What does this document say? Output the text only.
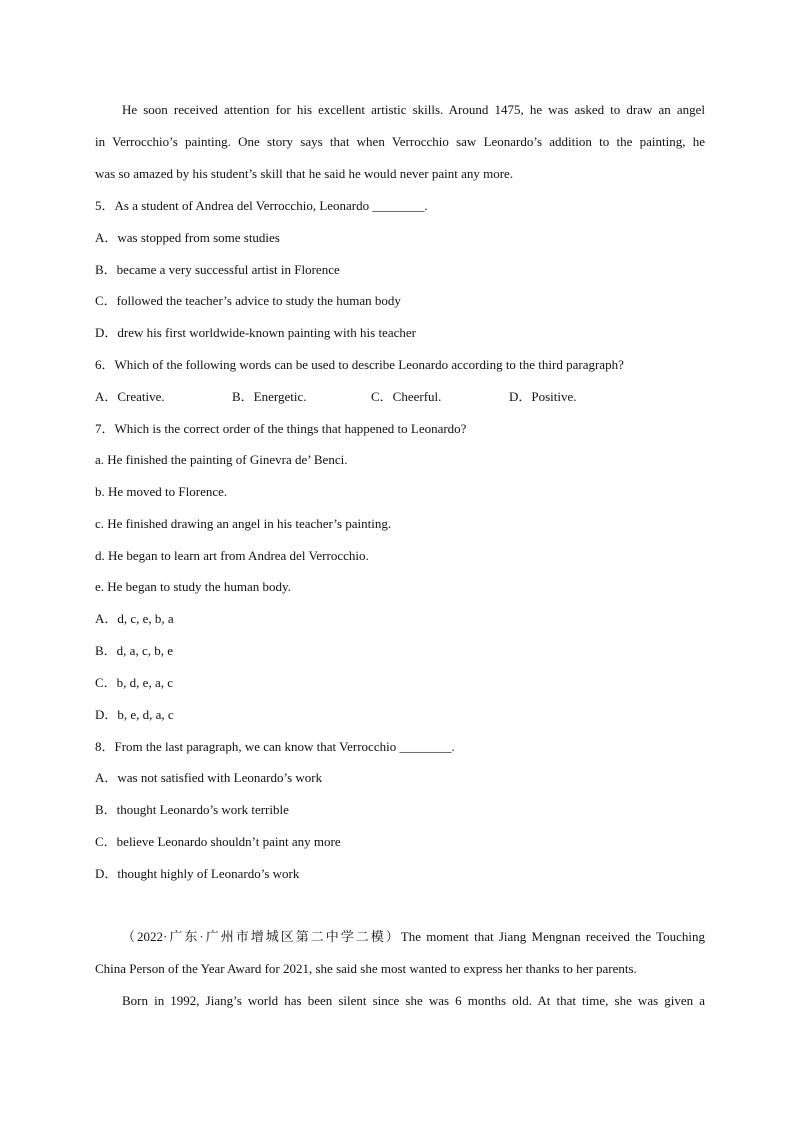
He soon received attention for his excellent artistic skills. Around 1475, he was asked to draw an angel
in Verrocchio’s painting. One story says that when Verrocchio saw Leonardo’s addition to the painting, he
was so amazed by his student’s skill that he said he would never paint any more.
5．As a student of Andrea del Verrocchio, Leonardo ________.
A．was stopped from some studies
B．became a very successful artist in Florence
C．followed the teacher’s advice to study the human body
D．drew his first worldwide-known painting with his teacher
6．Which of the following words can be used to describe Leonardo according to the third paragraph?
A．Creative.	B．Energetic.	C．Cheerful.	D．Positive.
7．Which is the correct order of the things that happened to Leonardo?
a. He finished the painting of Ginevra de’ Benci.
b. He moved to Florence.
c. He finished drawing an angel in his teacher’s painting.
d. He began to learn art from Andrea del Verrocchio.
e. He began to study the human body.
A．d, c, e, b, a
B．d, a, c, b, e
C．b, d, e, a, c
D．b, e, d, a, c
8．From the last paragraph, we can know that Verrocchio ________.
A．was not satisfied with Leonardo’s work
B．thought Leonardo’s work terrible
C．believe Leonardo shouldn’t paint any more
D．thought highly of Leonardo’s work
（2022·广东·广州市增城区第二中学二模）The moment that Jiang Mengnan received the Touching
China Person of the Year Award for 2021, she said she most wanted to express her thanks to her parents.
Born in 1992, Jiang’s world has been silent since she was 6 months old. At that time, she was given a
